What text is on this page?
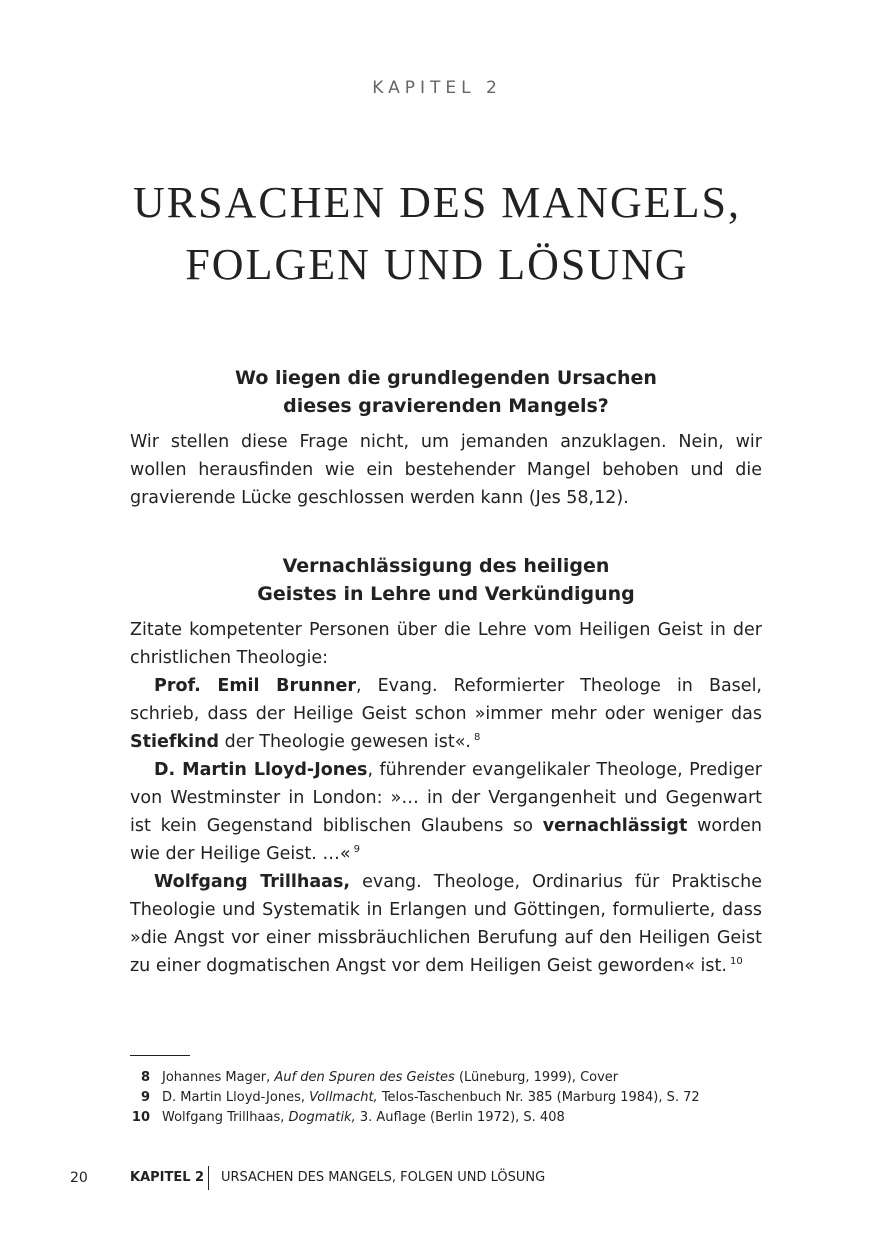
KAPITEL 2
URSACHEN DES MANGELS,
FOLGEN UND LÖSUNG
Wo liegen die grundlegenden Ursachen
dieses gravierenden Mangels?

Wir stellen diese Frage nicht, um jemanden anzuklagen. Nein, wir wollen herausfinden wie ein bestehender Mangel behoben und die gravierende Lücke geschlossen werden kann (Jes 58,12).

Vernachlässigung des heiligen
Geistes in Lehre und Verkündigung

Zitate kompetenter Personen über die Lehre vom Heiligen Geist in der christlichen Theologie:

Prof. Emil Brunner, Evang. Reformierter Theologe in Basel, schrieb, dass der Heilige Geist schon »immer mehr oder weniger das Stiefkind der Theologie gewesen ist«. $^8$

D. Martin Lloyd-Jones, führender evangelikaler Theologe, Prediger von Westminster in London: »… in der Vergangenheit und Gegenwart ist kein Gegenstand biblischen Glaubens so vernachlässigt worden wie der Heilige Geist. …« $^9$

Wolfgang Trillhaas, evang. Theologe, Ordinarius für Praktische Theologie und Systematik in Erlangen und Göttingen, formulierte, dass »die Angst vor einer missbräuchlichen Berufung auf den Heiligen Geist zu einer dogmatischen Angst vor dem Heiligen Geist geworden« ist. $^{10}$

8 Johannes Mager, Auf den Spuren des Geistes (Lüneburg, 1999), Cover
9 D. Martin Lloyd-Jones, Vollmacht, Telos-Taschenbuch Nr. 385 (Marburg 1984), S. 72
10 Wolfgang Trillhaas, Dogmatik, 3. Auflage (Berlin 1972), S. 408
20	KAPITEL 2 URSACHEN DES MANGELS, FOLGEN UND LÖSUNG
